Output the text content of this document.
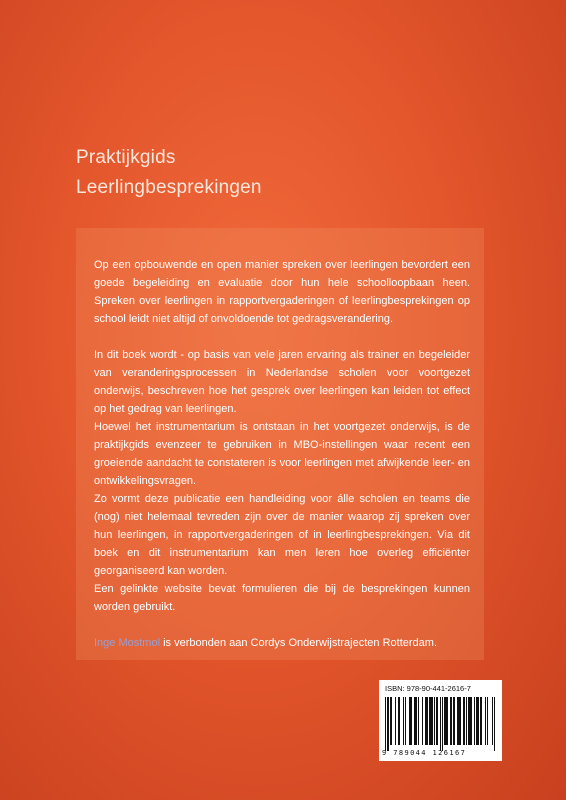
Praktijkgids
Leerlingbesprekingen

Op een opbouwende en open manier spreken over leerlingen bevordert een goede begeleiding en evaluatie door hun hele schoolloopbaan heen. Spreken over leerlingen in rapportvergaderingen of leerlingbesprekingen op school leidt niet altijd of onvoldoende tot gedragsverandering.

In dit boek wordt - op basis van vele jaren ervaring als trainer en begeleider van veranderingsprocessen in Nederlandse scholen voor voortgezet onderwijs, beschreven hoe het gesprek over leerlingen kan leiden tot effect op het gedrag van leerlingen.

Hoewel het instrumentarium is ontstaan in het voortgezet onderwijs, is de praktijkgids evenzeer te gebruiken in MBO-instellingen waar recent een groeiende aandacht te constateren is voor leerlingen met afwijkende leer- en ontwikkelingsvragen.

Zo vormt deze publicatie een handleiding voor álle scholen en teams die (nog) niet helemaal tevreden zijn over de manier waarop zij spreken over hun leerlingen, in rapportvergaderingen of in leerlingbesprekingen. Via dit boek en dit instrumentarium kan men leren hoe overleg efficiënter georganiseerd kan worden.

Een gelinkte website bevat formulieren die bij de besprekingen kunnen worden gebruikt.

Inge Mostmol is verbonden aan Cordys Onderwijstrajecten Rotterdam.

ISBN: 978-90-441-2616-7
9 789044 126167
